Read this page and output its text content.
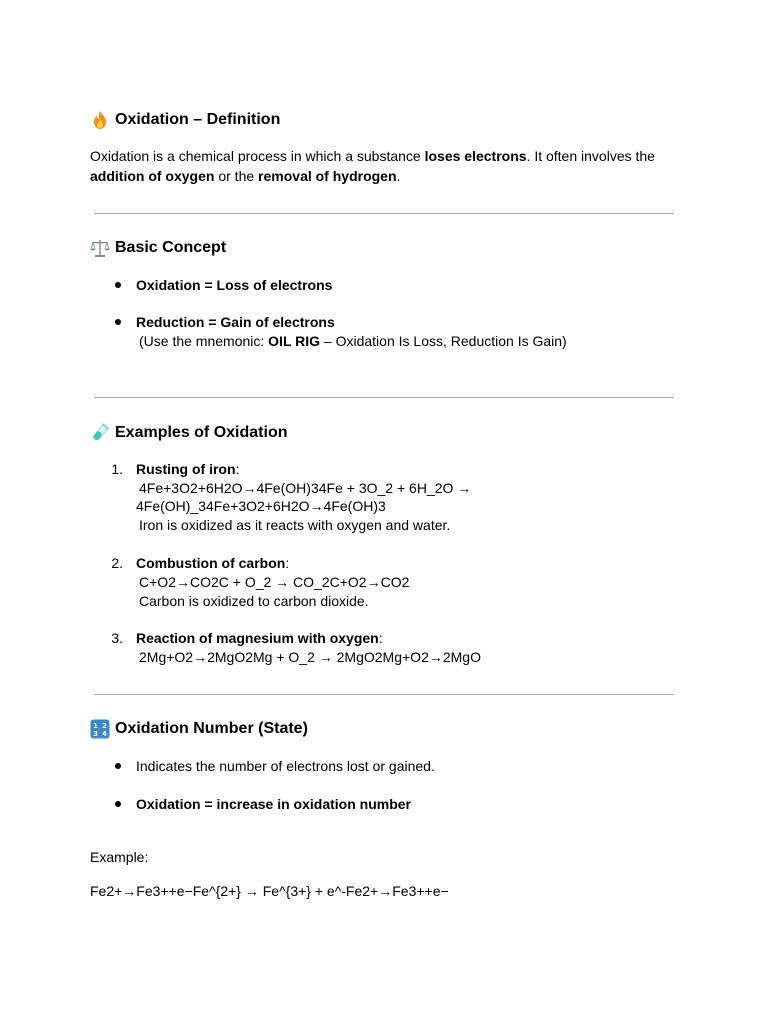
Oxidation – Definition
Oxidation is a chemical process in which a substance loses electrons. It often involves the
addition of oxygen or the removal of hydrogen.
Basic Concept
Oxidation = Loss of electrons
Reduction = Gain of electrons
(Use the mnemonic: OIL RIG – Oxidation Is Loss, Reduction Is Gain)
Examples of Oxidation
1. Rusting of iron:
4Fe+3O2+6H2O→4Fe(OH)34Fe + 3O_2 + 6H_2O →
4Fe(OH)_34Fe+3O2+6H2O→4Fe(OH)3
Iron is oxidized as it reacts with oxygen and water.
2. Combustion of carbon:
C+O2→CO2C + O_2 → CO_2C+O2→CO2
Carbon is oxidized to carbon dioxide.
3. Reaction of magnesium with oxygen:
2Mg+O2→2MgO2Mg + O_2 → 2MgO2Mg+O2→2MgO
1 2
3 4 Oxidation Number (State)
Indicates the number of electrons lost or gained.
Oxidation = increase in oxidation number
Example:
Fe2+→Fe3++e−Fe^{2+} → Fe^{3+} + e^-Fe2+→Fe3++e−
